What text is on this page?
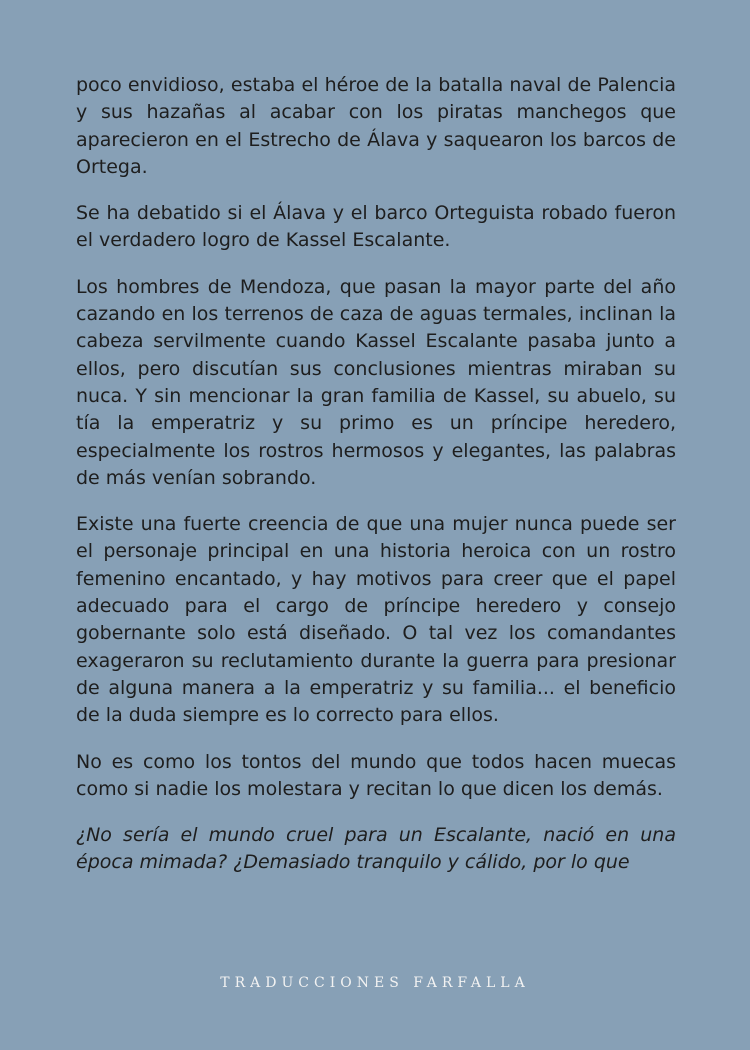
poco envidioso, estaba el héroe de la batalla naval de Palencia y sus hazañas al acabar con los piratas manchegos que aparecieron en el Estrecho de Álava y saquearon los barcos de Ortega.

Se ha debatido si el Álava y el barco Orteguista robado fueron el verdadero logro de Kassel Escalante.

Los hombres de Mendoza, que pasan la mayor parte del año cazando en los terrenos de caza de aguas termales, inclinan la cabeza servilmente cuando Kassel Escalante pasaba junto a ellos, pero discutían sus conclusiones mientras miraban su nuca. Y sin mencionar la gran familia de Kassel, su abuelo, su tía la emperatriz y su primo es un príncipe heredero, especialmente los rostros hermosos y elegantes, las palabras de más venían sobrando.

Existe una fuerte creencia de que una mujer nunca puede ser el personaje principal en una historia heroica con un rostro femenino encantado, y hay motivos para creer que el papel adecuado para el cargo de príncipe heredero y consejo gobernante solo está diseñado. O tal vez los comandantes exageraron su reclutamiento durante la guerra para presionar de alguna manera a la emperatriz y su familia... el beneficio de la duda siempre es lo correcto para ellos.

No es como los tontos del mundo que todos hacen muecas como si nadie los molestara y recitan lo que dicen los demás.

¿No sería el mundo cruel para un Escalante, nació en una época mimada? ¿Demasiado tranquilo y cálido, por lo que

TRADUCCIONES FARFALLA
